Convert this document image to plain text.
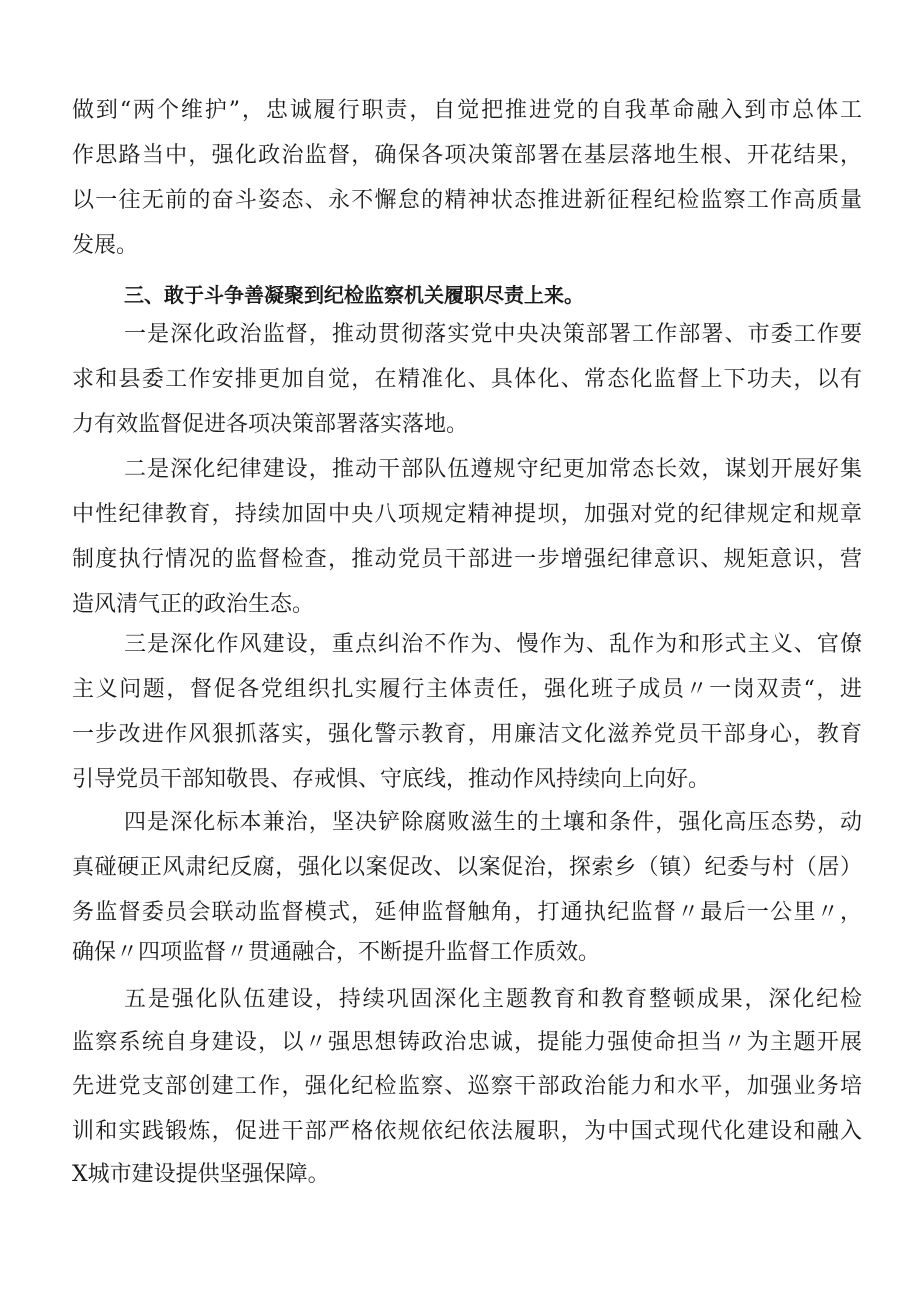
做到“两个维护”，忠诚履行职责，自觉把推进党的自我革命融入到市总体工
作思路当中，强化政治监督，确保各项决策部署在基层落地生根、开花结果，
以一往无前的奋斗姿态、永不懈怠的精神状态推进新征程纪检监察工作高质量
发展。
三、敢于斗争善凝聚到纪检监察机关履职尽责上来。
一是深化政治监督，推动贯彻落实党中央决策部署工作部署、市委工作要
求和县委工作安排更加自觉，在精准化、具体化、常态化监督上下功夫，以有
力有效监督促进各项决策部署落实落地。
二是深化纪律建设，推动干部队伍遵规守纪更加常态长效，谋划开展好集
中性纪律教育，持续加固中央八项规定精神提坝，加强对党的纪律规定和规章
制度执行情况的监督检查，推动党员干部进一步增强纪律意识、规矩意识，营
造风清气正的政治生态。
三是深化作风建设，重点纠治不作为、慢作为、乱作为和形式主义、官僚
主义问题，督促各党组织扎实履行主体责任，强化班子成员〃一岗双责“，进
一步改进作风狠抓落实，强化警示教育，用廉洁文化滋养党员干部身心，教育
引导党员干部知敬畏、存戒惧、守底线，推动作风持续向上向好。
四是深化标本兼治，坚决铲除腐败滋生的土壤和条件，强化高压态势，动
真碰硬正风肃纪反腐，强化以案促改、以案促治，探索乡（镇）纪委与村（居）
务监督委员会联动监督模式，延伸监督触角，打通执纪监督〃最后一公里〃，
确保〃四项监督〃贯通融合，不断提升监督工作质效。
五是强化队伍建设，持续巩固深化主题教育和教育整顿成果，深化纪检
监察系统自身建设，以〃强思想铸政治忠诚，提能力强使命担当〃为主题开展
先进党支部创建工作，强化纪检监察、巡察干部政治能力和水平，加强业务培
训和实践锻炼，促进干部严格依规依纪依法履职，为中国式现代化建设和融入
X城市建设提供坚强保障。
